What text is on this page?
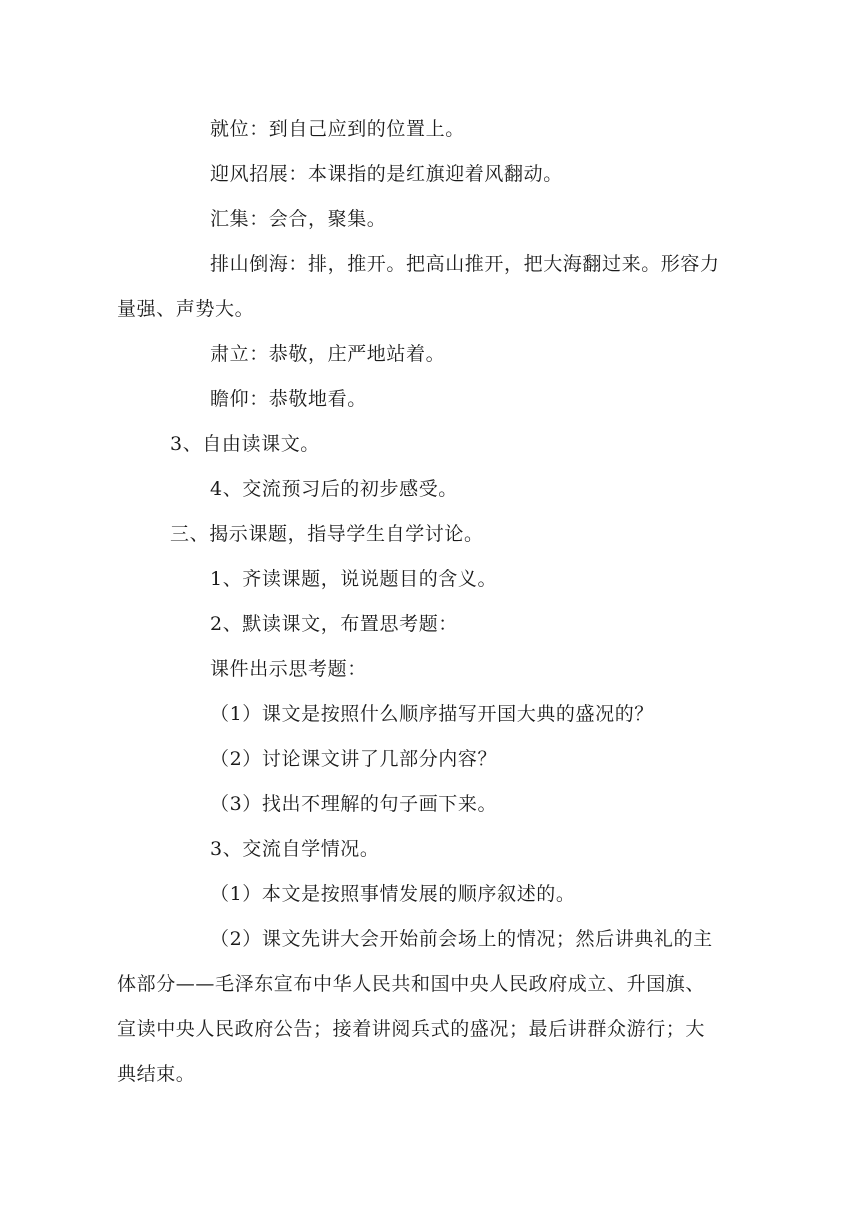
就位：到自己应到的位置上。
迎风招展：本课指的是红旗迎着风翻动。
汇集：会合，聚集。
排山倒海：排，推开。把高山推开，把大海翻过来。形容力
量强、声势大。
肃立：恭敬，庄严地站着。
瞻仰：恭敬地看。
3、自由读课文。
4、交流预习后的初步感受。
三、揭示课题，指导学生自学讨论。
1、齐读课题，说说题目的含义。
2、默读课文，布置思考题：
课件出示思考题：
（1）课文是按照什么顺序描写开国大典的盛况的？
（2）讨论课文讲了几部分内容？
（3）找出不理解的句子画下来。
3、交流自学情况。
（1）本文是按照事情发展的顺序叙述的。
（2）课文先讲大会开始前会场上的情况；然后讲典礼的主
体部分——毛泽东宣布中华人民共和国中央人民政府成立、升国旗、
宣读中央人民政府公告；接着讲阅兵式的盛况；最后讲群众游行；大
典结束。
